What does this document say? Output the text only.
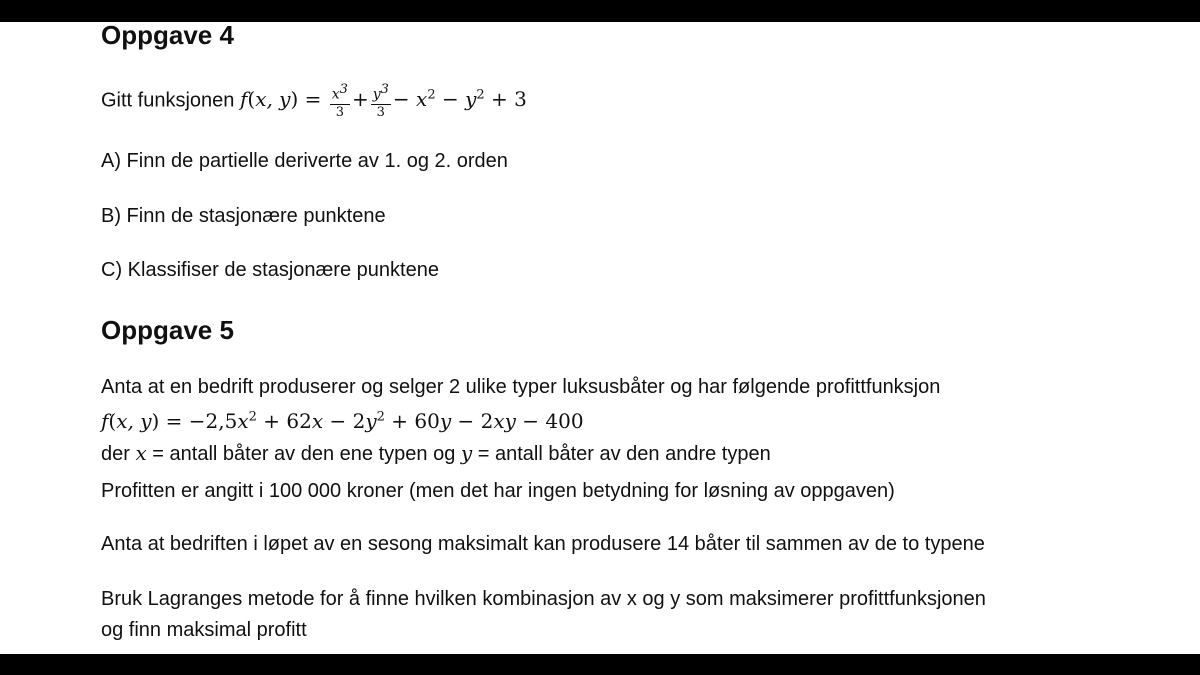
Oppgave 4
Gitt funksjonen f(x, $y) = \frac{x^3}{3} + \frac{y^3}{3} - x^2 - y^2 + 3$

A) Finn de partielle deriverte av 1. og 2. orden

B) Finn de stasjonære punktene

C) Klassifiser de stasjonære punktene

Oppgave 5

Anta at en bedrift produserer og selger 2 ulike typer luksusbåter og har følgende profittfunksjon

f(x, $y) = -2,5x^2 + 62x - 2y^2 + 60y - 2xy - 400$
der x = antall båter av den ene typen og y = antall båter av den andre typen

Profitten er angitt i 100 000 kroner (men det har ingen betydning for løsning av oppgaven)

Anta at bedriften i løpet av en sesong maksimalt kan produsere 14 båter til sammen av de to typene

Bruk Lagranges metode for å finne hvilken kombinasjon av x og y som maksimerer profittfunksjonen

og finn maksimal profitt
